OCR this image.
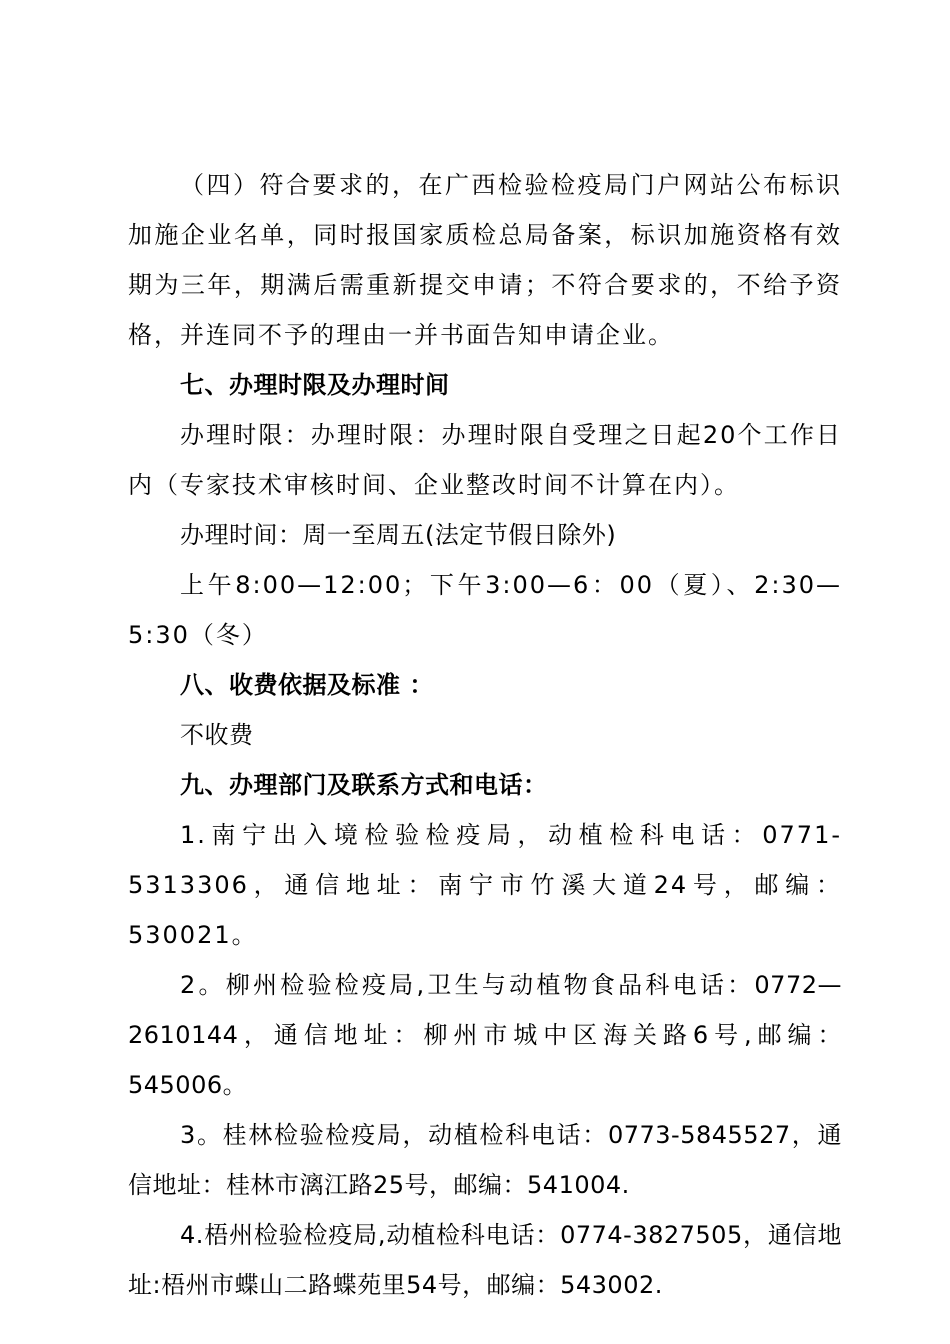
（四）符合要求的，在广西检验检疫局门户网站公布标识加施企业名单，同时报国家质检总局备案，标识加施资格有效期为三年，期满后需重新提交申请；不符合要求的，不给予资格，并连同不予的理由一并书面告知申请企业。

七、办理时限及办理时间

办理时限：办理时限：办理时限自受理之日起20个工作日内（专家技术审核时间、企业整改时间不计算在内）。

办理时间：周一至周五(法定节假日除外)

上午8:00—12:00；下午3:00—6：00（夏）、2:30—5:30（冬）

八、收费依据及标准 ：

不收费

九、办理部门及联系方式和电话：

1.南宁出入境检验检疫局，动植检科电话：0771-5313306，通信地址：南宁市竹溪大道24号，邮编：530021。

2。柳州检验检疫局,卫生与动植物食品科电话：0772—2610144，通信地址：柳州市城中区海关路6号,邮编：545006。

3。桂林检验检疫局，动植检科电话：0773-5845527，通信地址：桂林市漓江路25号，邮编：541004.

4.梧州检验检疫局,动植检科电话：0774-3827505，通信地址:梧州市蝶山二路蝶苑里54号，邮编：543002.
